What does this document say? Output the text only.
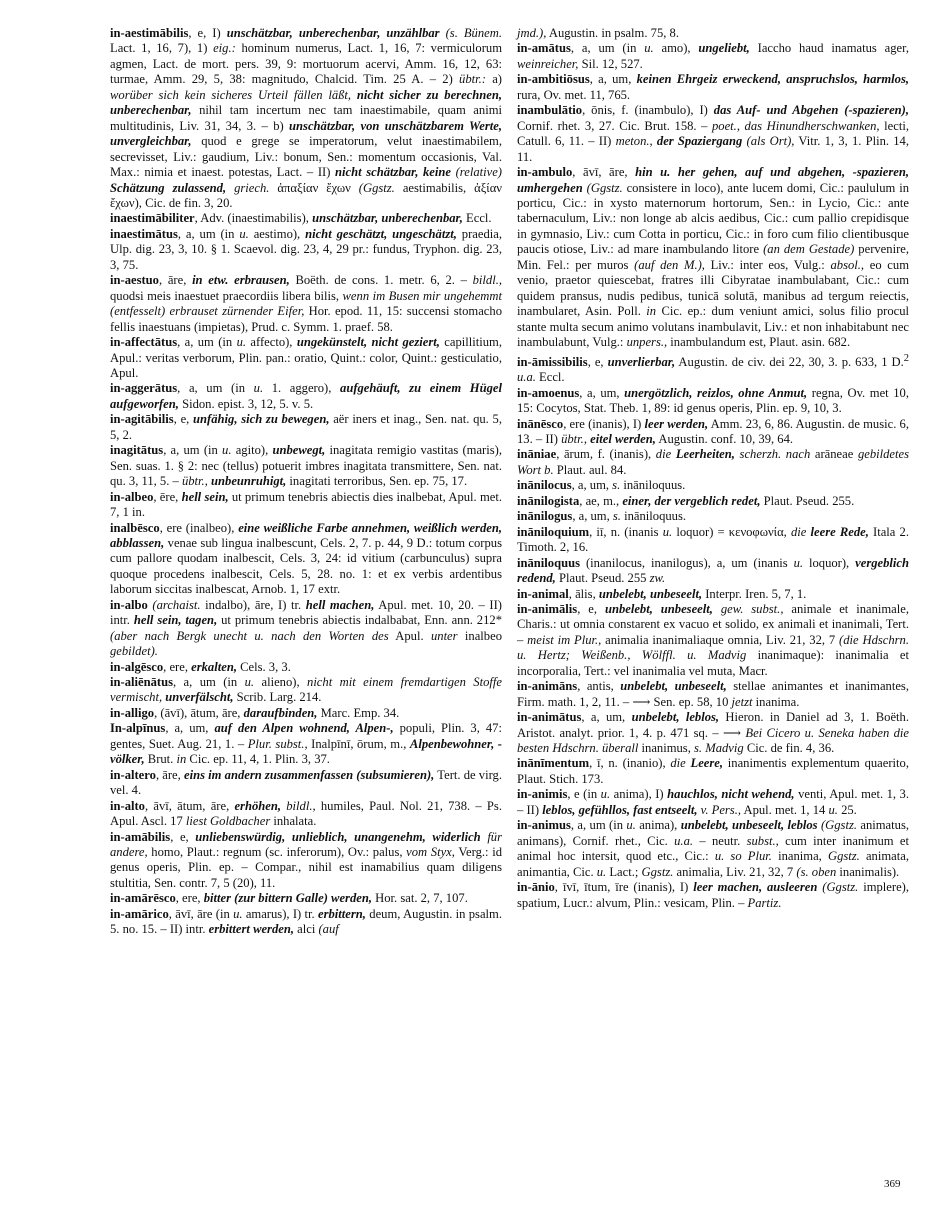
in-aestimābilis, e, I) unschätzbar, unberechenbar, unzählbar (s. Bünem. Lact. 1, 16, 7), 1) eig.: hominum numerus, Lact. 1, 16, 7: vermiculorum agmen, Lact. de mort. pers. 39, 9: mortuorum acervi, Amm. 16, 12, 63: turmae, Amm. 29, 5, 38: magnitudo, Chalcid. Tim. 25 A. – 2) übtr.: a) worüber sich kein sicheres Urteil fällen läßt, nicht sicher zu berechnen, unberechenbar, nihil tam incertum nec tam inaestimabile, quam animi multitudinis, Liv. 31, 34, 3. – b) unschätzbar, von unschätzbarem Werte, unvergleichbar, quod e grege se imperatorum, velut inaestimabilem, secrevisset, Liv.: gaudium, Liv.: bonum, Sen.: momentum occasionis, Val. Max.: nimia et inaest. potestas, Lact. – II) nicht schätzbar, keine (relative) Schätzung zulassend, griech. ἀπαξίαν ἔχων (Ggstz. aestimabilis, ἀξίαν ἔχων), Cic. de fin. 3, 20.

inaestimābiliter, Adv. (inaestimabilis), unschätzbar, unberechenbar, Eccl.

inaestimātus, a, um (in u. aestimo), nicht geschätzt, ungeschätzt, praedia, Ulp. dig. 23, 3, 10. § 1. Scaevol. dig. 23, 4, 29 pr.: fundus, Tryphon. dig. 23, 3, 75.

in-aestuo, āre, in etw. erbrausen, Boëth. de cons. 1. metr. 6, 2. – bildl., quodsi meis inaestuet praecordiis libera bilis, wenn im Busen mir ungehemmt (entfesselt) erbrauset zürnender Eifer, Hor. epod. 11, 15: succensi stomacho fellis inaestuans (impietas), Prud. c. Symm. 1. praef. 58.

in-affectātus, a, um (in u. affecto), ungekünstelt, nicht geziert, capillitium, Apul.: veritas verborum, Plin. pan.: oratio, Quint.: color, Quint.: gesticulatio, Apul.

in-aggerātus, a, um (in u. 1. aggero), aufgehäuft, zu einem Hügel aufgeworfen, Sidon. epist. 3, 12, 5. v. 5.

in-agitābilis, e, unfähig, sich zu bewegen, aër iners et inag., Sen. nat. qu. 5, 5, 2.

inagitātus, a, um (in u. agito), unbewegt, inagitata remigio vastitas (maris), Sen. suas. 1. § 2: nec (tellus) potuerit imbres inagitata transmittere, Sen. nat. qu. 3, 11, 5. – übtr., unbeunruhigt, inagitati terroribus, Sen. ep. 75, 17.

in-albeo, ēre, hell sein, ut primum tenebris abiectis dies inalbebat, Apul. met. 7, 1 in.

inalbēsco, ere (inalbeo), eine weißliche Farbe annehmen, weißlich werden, abblassen, venae sub lingua inalbescunt, Cels. 2, 7. p. 44, 9 D.: totum corpus cum pallore quodam inalbescit, Cels. 3, 24: id vitium (carbunculus) supra quoque procedens inalbescit, Cels. 5, 28. no. 1: et ex verbis ardentibus laborum siccitas inalbescat, Arnob. 1, 17 extr.

in-albo (archaist. indalbo), āre, I) tr. hell machen, Apul. met. 10, 20. – II) intr. hell sein, tagen, ut primum tenebris abiectis indalbabat, Enn. ann. 212* (aber nach Bergk unecht u. nach den Worten des Apul. unter inalbeo gebildet).

in-algēsco, ere, erkalten, Cels. 3, 3.

in-aliēnātus, a, um (in u. alieno), nicht mit einem fremdartigen Stoffe vermischt, unverfälscht, Scrib. Larg. 214.

in-alligo, (āvī), ātum, āre, daraufbinden, Marc. Emp. 34.

In-alpīnus, a, um, auf den Alpen wohnend, Alpen-, populi, Plin. 3, 47: gentes, Suet. Aug. 21, 1. – Plur. subst., Inalpīnī, ōrum, m., Alpenbewohner, -völker, Brut. in Cic. ep. 11, 4, 1. Plin. 3, 37.

in-altero, āre, eins im andern zusammenfassen (subsumieren), Tert. de virg. vel. 4.

in-alto, āvī, ātum, āre, erhöhen, bildl., humiles, Paul. Nol. 21, 738. – Ps. Apul. Ascl. 17 liest Goldbacher inhalata.

in-amābilis, e, unliebenswürdig, unlieblich, unangenehm, widerlich für andere, homo, Plaut.: regnum (sc. inferorum), Ov.: palus, vom Styx, Verg.: id genus operis, Plin. ep. – Compar., nihil est inamabilius quam diligens stultitia, Sen. contr. 7, 5 (20), 11.

in-amārēsco, ere, bitter (zur bittern Galle) werden, Hor. sat. 2, 7, 107.

in-amārico, āvī, āre (in u. amarus), I) tr. erbittern, deum, Augustin. in psalm. 5. no. 15. – II) intr. erbittert werden, alci (auf

jmd.), Augustin. in psalm. 75, 8.

in-amātus, a, um (in u. amo), ungeliebt, Iaccho haud inamatus ager, weinreicher, Sil. 12, 527.

in-ambitiōsus, a, um, keinen Ehrgeiz erweckend, anspruchslos, harmlos, rura, Ov. met. 11, 765.

inambulātio, ōnis, f. (inambulo), I) das Auf- und Abgehen (-spazieren), Cornif. rhet. 3, 27. Cic. Brut. 158. – poet., das Hinundherschwanken, lecti, Catull. 6, 11. – II) meton., der Spaziergang (als Ort), Vitr. 1, 3, 1. Plin. 14, 11.

in-ambulo, āvī, āre, hin u. her gehen, auf und abgehen, -spazieren, umhergehen (Ggstz. consistere in loco), ante lucem domi, Cic.: paululum in porticu, Cic.: in xysto maternorum hortorum, Sen.: in Lycio, Cic.: ante tabernaculum, Liv.: non longe ab alcis aedibus, Cic.: cum pallio crepidisque in gymnasio, Liv.: cum Cotta in porticu, Cic.: in foro cum filio clientibusque paucis otiose, Liv.: ad mare inambulando litore (an dem Gestade) pervenire, Min. Fel.: per muros (auf den M.), Liv.: inter eos, Vulg.: absol., eo cum venio, praetor quiescebat, fratres illi Cibyratae inambulabant, Cic.: cum quidem pransus, nudis pedibus, tunicā solutā, manibus ad tergum reiectis, inambularet, Asin. Poll. in Cic. ep.: dum veniunt amici, solus filio procul stante multa secum animo volutans inambulavit, Liv.: et non inhabitabunt nec inambulabunt, Vulg.: unpers., inambulandum est, Plaut. asin. 682.

in-āmissibilis, e, unverlierbar, Augustin. de civ. dei 22, 30, 3. p. 633, 1 D.$^2$ u.a. Eccl.

in-amoenus, a, um, unergötzlich, reizlos, ohne Anmut, regna, Ov. met 10, 15: Cocytos, Stat. Theb. 1, 89: id genus operis, Plin. ep. 9, 10, 3.

inānēsco, ere (inanis), I) leer werden, Amm. 23, 6, 86. Augustin. de music. 6, 13. – II) übtr., eitel werden, Augustin. conf. 10, 39, 64.

ināniae, ārum, f. (inanis), die Leerheiten, scherzh. nach arāneae gebildetes Wort b. Plaut. aul. 84.

inānilocus, a, um, s. ināniloquus.

inānilogista, ae, m., einer, der vergeblich redet, Plaut. Pseud. 255.

inānilogus, a, um, s. ināniloquus.

ināniloquium, iī, n. (inanis u. loquor) = κενοφωνία, die leere Rede, Itala 2. Timoth. 2, 16.

ināniloquus (inanilocus, inanilogus), a, um (inanis u. loquor), vergeblich redend, Plaut. Pseud. 255 zw.

in-animal, ālis, unbelebt, unbeseelt, Interpr. Iren. 5, 7, 1.

in-animālis, e, unbelebt, unbeseelt, gew. subst., animale et inanimale, Charis.: ut omnia constarent ex vacuo et solido, ex animali et inanimali, Tert. – meist im Plur., animalia inanimaliaque omnia, Liv. 21, 32, 7 (die Hdschrn. u. Hertz; Weißenb., Wölffl. u. Madvig inanimaque): inanimalia et incorporalia, Tert.: vel inanimalia vel muta, Macr.

in-animāns, antis, unbelebt, unbeseelt, stellae animantes et inanimantes, Firm. math. 1, 2, 11. – ⟶ Sen. ep. 58, 10 jetzt inanima.

in-animātus, a, um, unbelebt, leblos, Hieron. in Daniel ad 3, 1. Boëth. Aristot. analyt. prior. 1, 4. p. 471 sq. – ⟶ Bei Cicero u. Seneka haben die besten Hdschrn. überall inanimus, s. Madvig Cic. de fin. 4, 36.

inānīmentum, ī, n. (inanio), die Leere, inanimentis explementum quaerito, Plaut. Stich. 173.

in-animis, e (in u. anima), I) hauchlos, nicht wehend, venti, Apul. met. 1, 3. – II) leblos, gefühllos, fast entseelt, v. Pers., Apul. met. 1, 14 u. 25.

in-animus, a, um (in u. anima), unbelebt, unbeseelt, leblos (Ggstz. animatus, animans), Cornif. rhet., Cic. u.a. – neutr. subst., cum inter inanimum et animal hoc intersit, quod etc., Cic.: u. so Plur. inanima, Ggstz. animata, animantia, Cic. u. Lact.; Ggstz. animalia, Liv. 21, 32, 7 (s. oben inanimalis).

in-ānio, īvī, ītum, īre (inanis), I) leer machen, ausleeren (Ggstz. implere), spatium, Lucr.: alvum, Plin.: vesicam, Plin. – Partiz.

369
